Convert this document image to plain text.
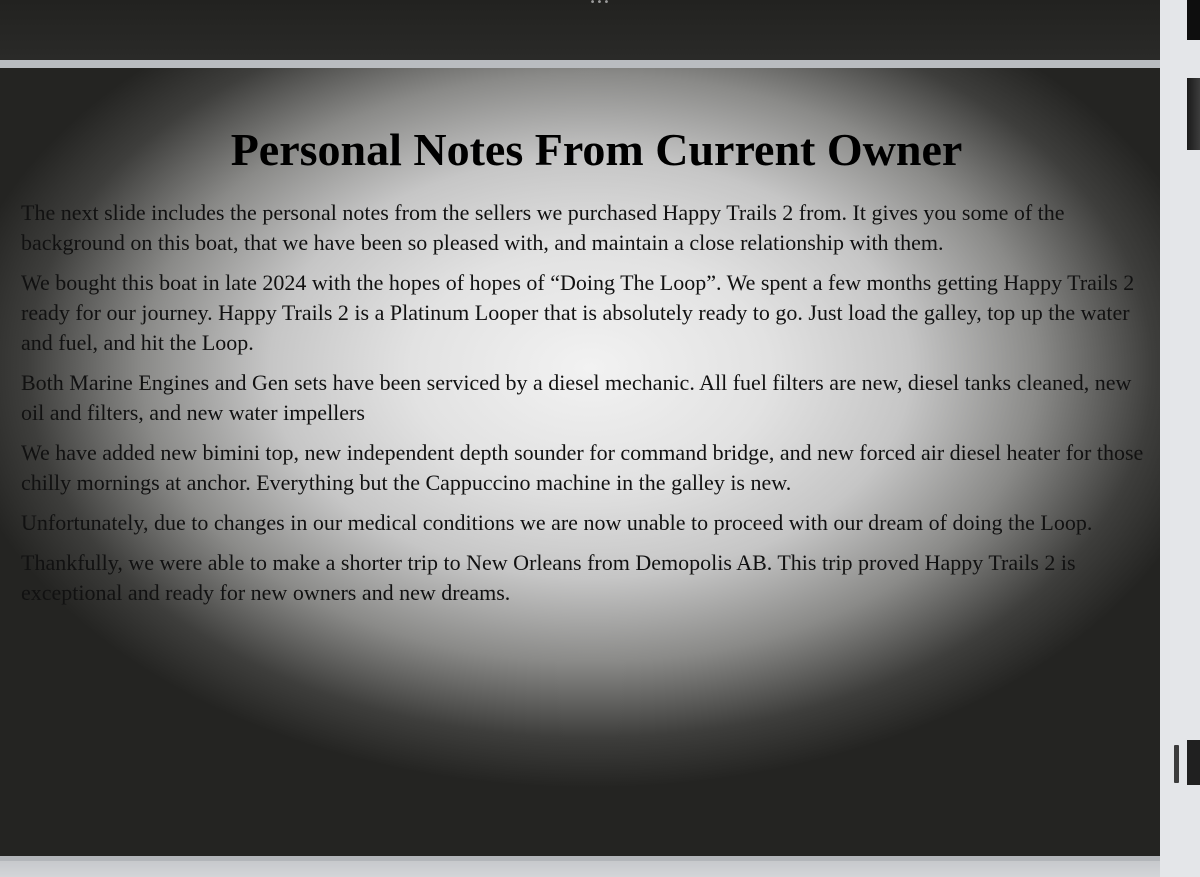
•••
Personal Notes From Current Owner

The next slide includes the personal notes from the sellers we purchased Happy Trails 2 from. It gives you some of the background on this boat, that we have been so pleased with, and maintain a close relationship with them.

We bought this boat in late 2024 with the hopes of hopes of “Doing The Loop”. We spent a few months getting Happy Trails 2 ready for our journey. Happy Trails 2 is a Platinum Looper that is absolutely ready to go. Just load the galley, top up the water and fuel, and hit the Loop.

Both Marine Engines and Gen sets have been serviced by a diesel mechanic. All fuel filters are new, diesel tanks cleaned, new oil and filters, and new water impellers

We have added new bimini top, new independent depth sounder for command bridge, and new forced air diesel heater for those chilly mornings at anchor. Everything but the Cappuccino machine in the galley is new.

Unfortunately, due to changes in our medical conditions we are now unable to proceed with our dream of doing the Loop.

Thankfully, we were able to make a shorter trip to New Orleans from Demopolis AB. This trip proved Happy Trails 2 is exceptional and ready for new owners and new dreams.
